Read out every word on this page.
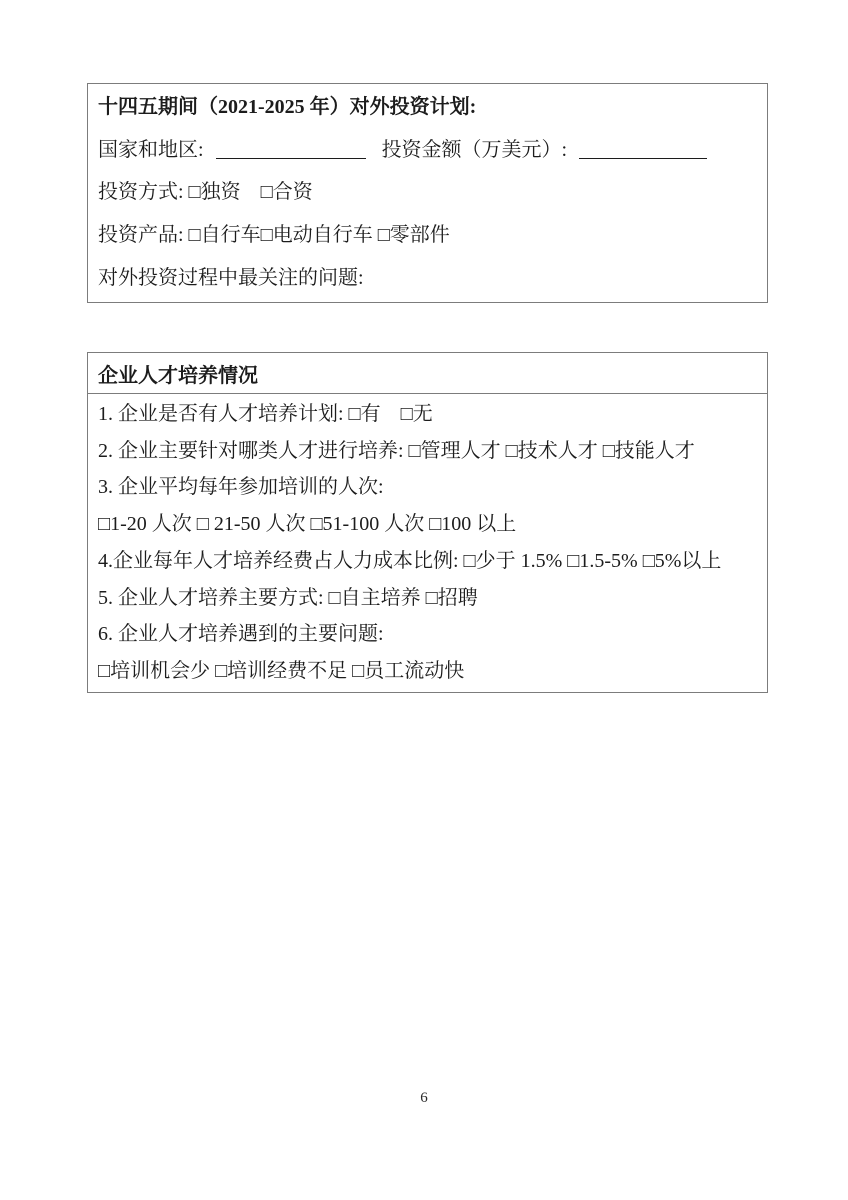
十四五期间（2021-2025 年）对外投资计划:
国家和地区:	投资金额（万美元）:
投资方式: □独资　□合资
投资产品: □自行车□电动自行车 □零部件
对外投资过程中最关注的问题:
企业人才培养情况
1. 企业是否有人才培养计划: □有　□无
2. 企业主要针对哪类人才进行培养: □管理人才 □技术人才 □技能人才
3. 企业平均每年参加培训的人次:
□1-20 人次 □ 21-50 人次 □51-100 人次 □100 以上
4.企业每年人才培养经费占人力成本比例: □少于 1.5% □1.5-5% □5%以上
5. 企业人才培养主要方式: □自主培养 □招聘
6. 企业人才培养遇到的主要问题:
□培训机会少 □培训经费不足 □员工流动快
6
